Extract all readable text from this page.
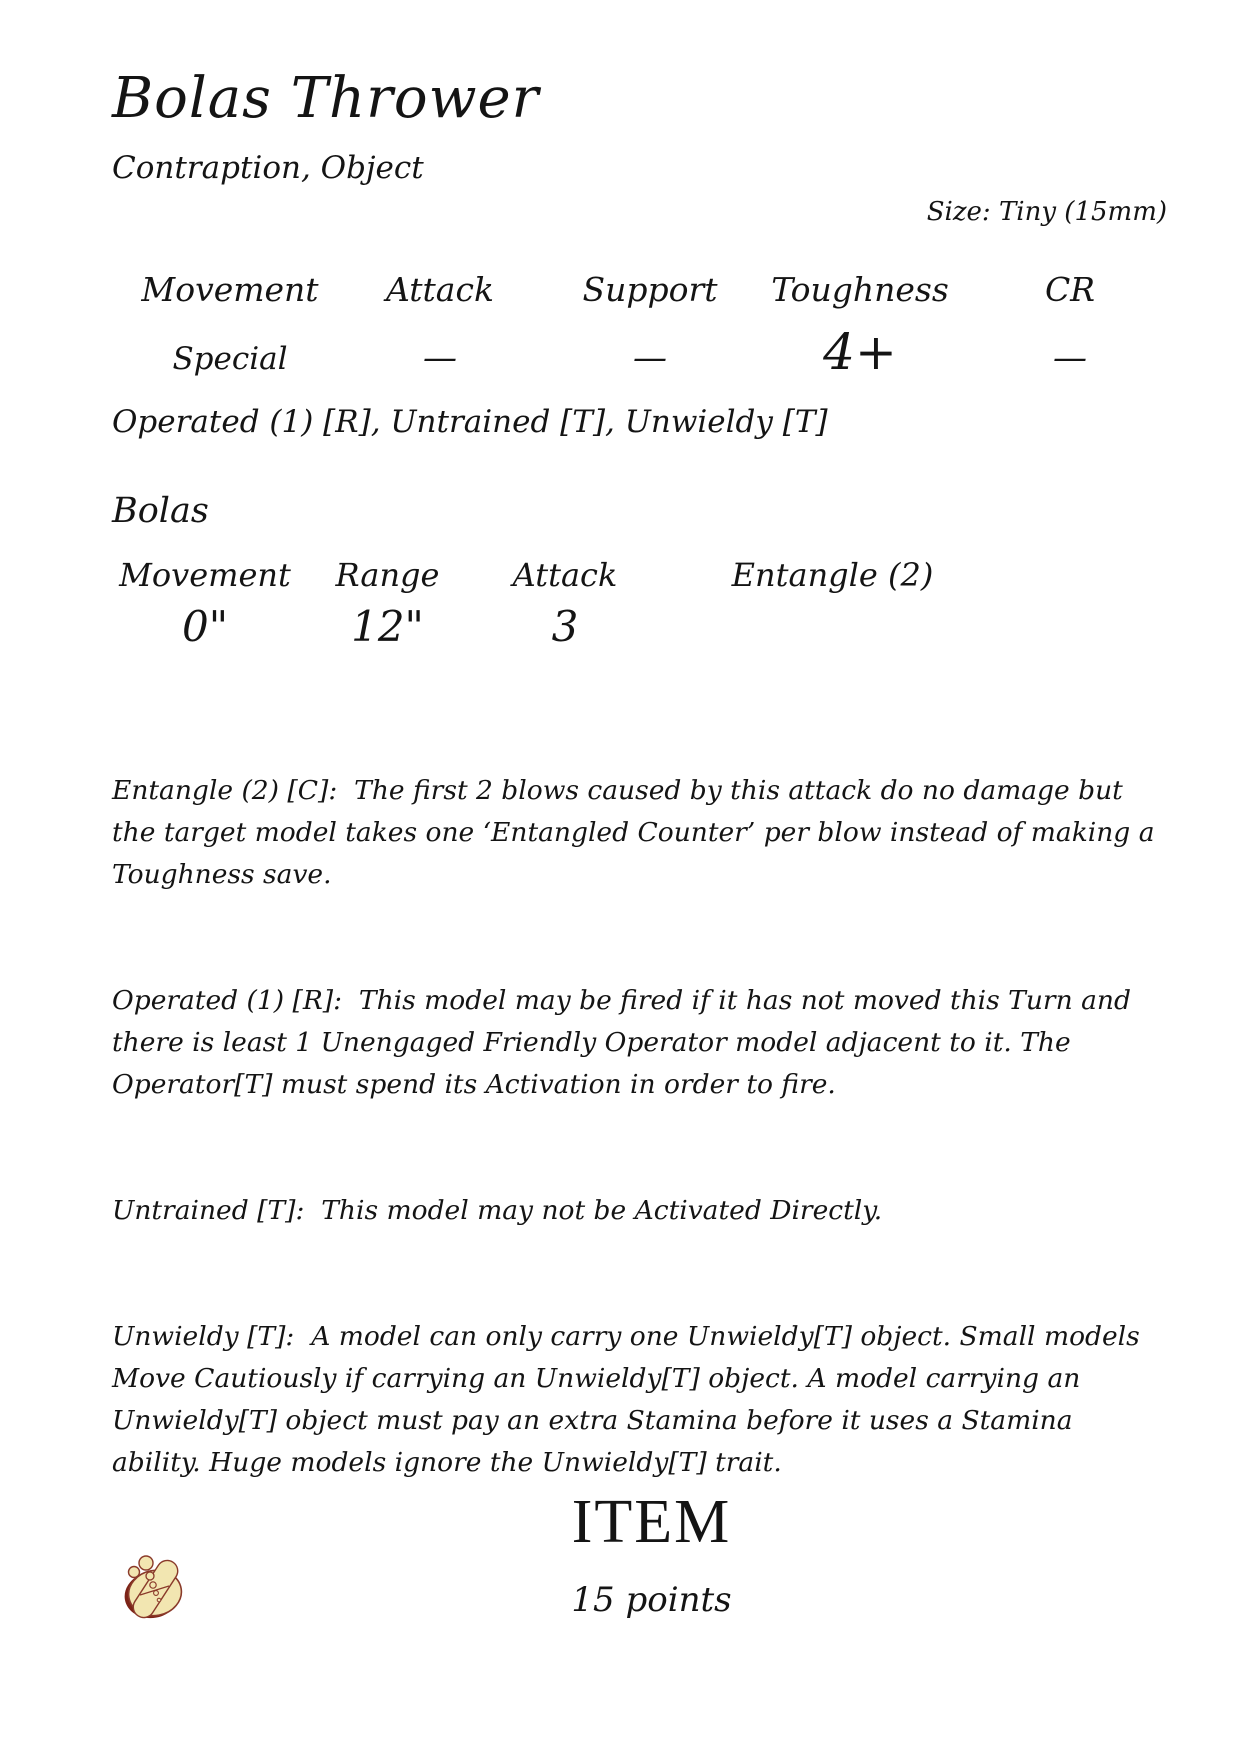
Bolas Thrower
Contraption, Object
Size: Tiny (15mm)
Movement	Attack	Support	Toughness	CR
Special	—	—	4+	—
Operated (1) [R], Untrained [T], Unwieldy [T]
Bolas
Movement	Range	Attack	Entangle (2)
0"	12"	3

Entangle (2) [C]:  The first 2 blows caused by this attack do no damage but the target model takes one ‘Entangled Counter’ per blow instead of making a Toughness save.

Operated (1) [R]:  This model may be fired if it has not moved this Turn and there is least 1 Unengaged Friendly Operator model adjacent to it. The Operator[T] must spend its Activation in order to fire.

Untrained [T]:  This model may not be Activated Directly.

Unwieldy [T]:  A model can only carry one Unwieldy[T] object. Small models Move Cautiously if carrying an Unwieldy[T] object. A model carrying an Unwieldy[T] object must pay an extra Stamina before it uses a Stamina ability. Huge models ignore the Unwieldy[T] trait.

ITEM
15 points
